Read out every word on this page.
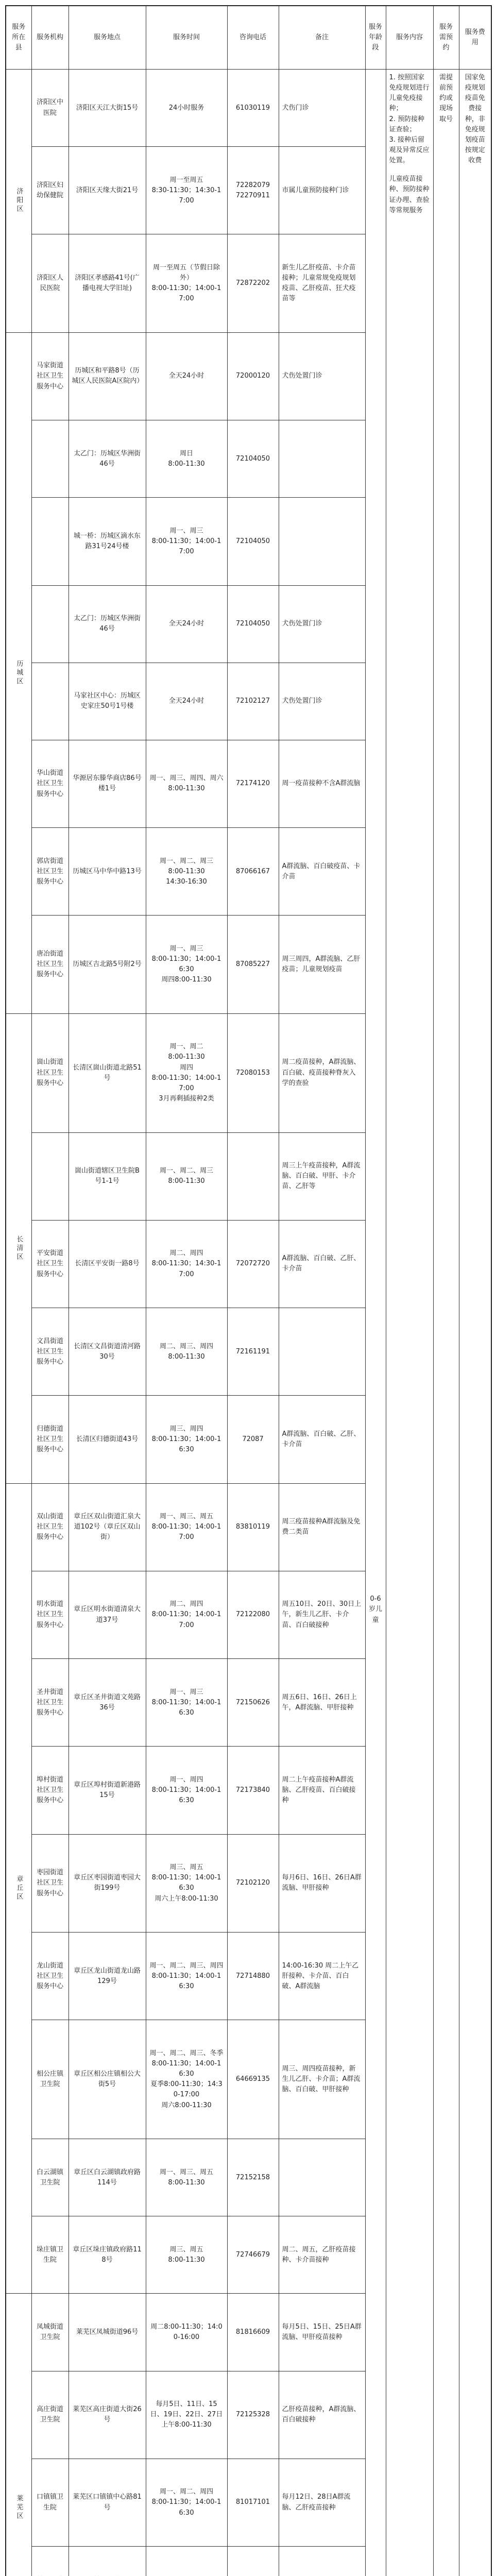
服务所在县	服务机构	服务地点	服务时间	咨询电话	备注	服务年龄段	服务内容	服务需预约	服务费用
济阳区	济阳区中医院	济阳区天江大街15号	24小时服务	61030119	犬伤门诊	0-6岁儿童	1. 按照国家免疫规划进行儿童免疫接种；
2. 预防接种证查验；
3. 接种后留观及异常反应处置。
儿童疫苗接种、预防接种证办理、查验等常规服务	需提前预约或现场取号	国家免疫规划疫苗免费接种，非免疫规划疫苗按规定收费
	济阳区妇幼保健院	济阳区天缘大街21号	周一至周五
8:30-11:30；14:30-17:00	72282079
72270911	市属儿童预防接种门诊				
	济阳区人民医院	济阳区孝感路41号(广播电视大学旧址)	周一至周五（节假日除外）
8:00-11:30；14:00-17:00	72872202	新生儿乙肝疫苗、卡介苗接种；儿童常规免疫规划疫苗、乙肝疫苗、狂犬疫苗等				
历城区	马家街道社区卫生服务中心	历城区和平路8号（历城区人民医院A区院内）	全天24小时	72000120	犬伤处置门诊				
		太乙门：历城区华洲街46号	周日
8:00-11:30	72104050					
		城一桥：历城区滴水东路31号24号楼	周一、周三
8:00-11:30；14:00-17:00	72104050					
		太乙门：历城区华洲街46号	全天24小时	72104050	犬伤处置门诊				
		马家社区中心：历城区史家庄50号1号楼	全天24小时	72102127	犬伤处置门诊				
	华山街道社区卫生服务中心	华源居东滕华商店86号楼1号	周一、周三、周四、周六
8:00-11:30	72174120	周一疫苗接种不含A群流脑				
	郭店街道社区卫生服务中心	历城区马中华中路13号	周一、周二、周三
8:00-11:30
14:30-16:30	87066167	A群流脑、百白破疫苗、卡介苗				
	唐冶街道社区卫生服务中心	历城区吉北路5号附2号	周一、周三
8:00-11:30；14:00-16:30
周四8:00-11:30	87085227	周三周四，A群流脑、乙肝疫苗；儿童规划疫苗				
长清区	崮山街道社区卫生服务中心	长清区崮山街道北路51号	周一、周二
8:00-11:30
周四
8:00-11:30；14:00-17:00
3月再剩插接种2类	72080153	周二疫苗接种，A群流脑、百白破、疫苗接种脊灰入学的查验				
		崮山街道辖区卫生院B号1-1号	周一、周二、周三
8:00-11:30		周三上午疫苗接种，A群流脑、百白破、甲肝、卡介苗、乙肝等				
	平安街道社区卫生服务中心	长清区平安街一路8号	周二、周四
8:00-11:30；14:30-17:00	72072720	A群流脑、百白破、乙肝、卡介苗				
	文昌街道社区卫生服务中心	长清区文昌街道清河路30号	周二、周三、周四
8:00-11:30	72161191					
	归德街道社区卫生服务中心	长清区归德街道43号	周三、周四
8:00-11:30；14:00-16:30	72087	A群流脑、百白破、乙肝、卡介苗				
章丘区	双山街道社区卫生服务中心	章丘区双山街道汇泉大道102号（章丘区双山街）	周一、周三、周五
8:00-11:30；14:00-17:00	83810119	周三疫苗接种A群流脑及免费二类苗				
	明水街道社区卫生服务中心	章丘区明水街道清泉大道37号	周二、周四
8:00-11:30；14:00-17:00	72122080	周五10日、20日、30日上午，新生儿乙肝、卡介苗、百白破接种				
	圣井街道社区卫生服务中心	章丘区圣井街道文苑路36号	周一、周三
8:00-11:30；14:00-16:30	72150626	周五6日、16日、26日上午，A群流脑、甲肝接种				
	埠村街道社区卫生服务中心	章丘区埠村街道新港路15号	周一、周四
8:00-11:30；14:00-16:30	72173840	周二上午疫苗接种A群流脑、乙肝疫苗、百白破接种				
	枣园街道社区卫生服务中心	章丘区枣园街道枣园大街199号	周三、周五
8:00-11:30；14:00-16:30
周六上午8:00-11:30	72102120	每月6日、16日、26日A群流脑、甲肝接种				
	龙山街道社区卫生服务中心	章丘区龙山街道龙山路129号	周一、周二、周三、周四
8:00-11:30；14:00-16:30	72714880	14:00-16:30 周二上午乙肝接种、卡介苗、百白破、A群流脑				
	相公庄镇卫生院	章丘区相公庄镇相公大街5号	周一、周二、周三、冬季
8:00-11:30；14:00-16:30
夏季8:00-11:30；14:30-17:00
周六8:00-11:30	64669135	周三、周四疫苗接种，新生儿乙肝、卡介苗；A群流脑、百白破、甲肝接种				
	白云湖镇卫生院	章丘区白云湖镇政府路114号	周一、周三、周五
8:00-11:30	72152158					
	垛庄镇卫生院	章丘区垛庄镇政府路118号	周三、周五
8:00-11:30	72746679	周二、周五，乙肝疫苗接种、卡介苗接种				
莱芜区	凤城街道卫生院	莱芜区凤城街道96号	周二8:00-11:30；14:00-16:00	81816609	每月5日、15日、25日A群流脑、甲肝疫苗接种				
	高庄街道卫生院	莱芜区高庄街道大街26号	每月5日、11日、15日、19日、22日、27日上午8:00-11:30	72125328	乙肝疫苗接种，A群流脑、百白破接种				
	口镇镇卫生院	莱芜区口镇镇中心路81号	周一、周二、周四
8:00-11:30；14:00-16:30	81017101	每月12日、28日A群流脑、乙肝疫苗接种				
